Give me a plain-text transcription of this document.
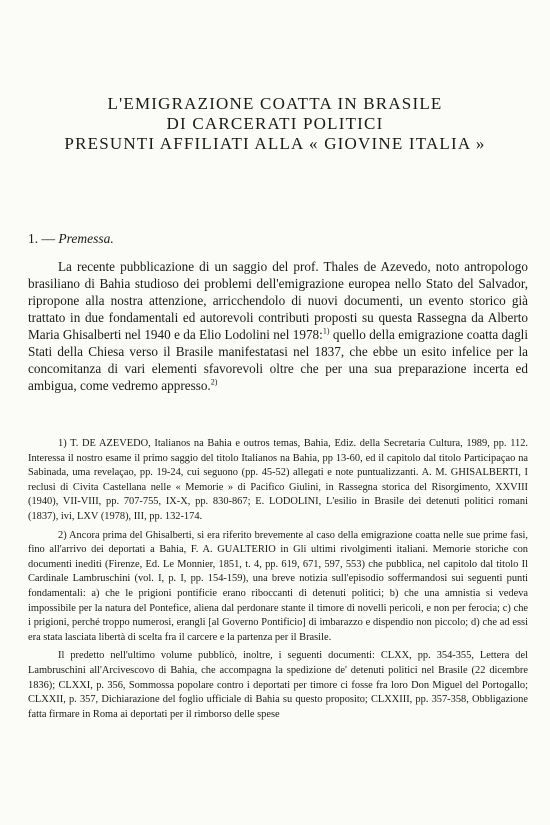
L'EMIGRAZIONE COATTA IN BRASILE
DI CARCERATI POLITICI
PRESUNTI AFFILIATI ALLA « GIOVINE ITALIA »
1. — Premessa.

La recente pubblicazione di un saggio del prof. Thales de Azevedo, noto antropologo brasiliano di Bahia studioso dei problemi dell'emigrazione europea nello Stato del Salvador, ripropone alla nostra attenzione, arricchendolo di nuovi documenti, un evento storico già trattato in due fondamentali ed autorevoli contributi proposti su questa Rassegna da Alberto Maria Ghisalberti nel 1940 e da Elio Lodolini nel 1978:$^{1)}$ quello della emigrazione coatta dagli Stati della Chiesa verso il Brasile manifestatasi nel 1837, che ebbe un esito infelice per la concomitanza di vari elementi sfavorevoli oltre che per una sua preparazione incerta ed ambigua, come vedremo appresso.$^{2)}$

1) T. DE AZEVEDO, Italianos na Bahia e outros temas, Bahia, Ediz. della Secretaria Cultura, 1989, pp. 112. Interessa il nostro esame il primo saggio del titolo Italianos na Bahia, pp 13-60, ed il capitolo dal titolo Participaçao na Sabinada, uma revelaçao, pp. 19-24, cui seguono (pp. 45-52) allegati e note puntualizzanti. A. M. GHISALBERTI, I reclusi di Civita Castellana nelle « Memorie » di Pacifico Giulini, in Rassegna storica del Risorgimento, XXVIII (1940), VII-VIII, pp. 707-755, IX-X, pp. 830-867; E. LODOLINI, L'esilio in Brasile dei detenuti politici romani (1837), ivi, LXV (1978), III, pp. 132-174.

2) Ancora prima del Ghisalberti, si era riferito brevemente al caso della emigrazione coatta nelle sue prime fasi, fino all'arrivo dei deportati a Bahia, F. A. GUALTERIO in Gli ultimi rivolgimenti italiani. Memorie storiche con documenti inediti (Firenze, Ed. Le Monnier, 1851, t. 4, pp. 619, 671, 597, 553) che pubblica, nel capitolo dal titolo Il Cardinale Lambruschini (vol. I, p. I, pp. 154-159), una breve notizia sull'episodio soffermandosi sui seguenti punti fondamentali: a) che le prigioni pontificie erano riboccanti di detenuti politici; b) che una amnistia si vedeva impossibile per la natura del Pontefice, aliena dal perdonare stante il timore di novelli pericoli, e non per ferocia; c) che i prigioni, perché troppo numerosi, erangli [al Governo Pontificio] di imbarazzo e dispendio non piccolo; d) che ad essi era stata lasciata libertà di scelta fra il carcere e la partenza per il Brasile.

Il predetto nell'ultimo volume pubblicò, inoltre, i seguenti documenti: CLXX, pp. 354-355, Lettera del Lambruschini all'Arcivescovo di Bahia, che accompagna la spedizione de' detenuti politici nel Brasile (22 dicembre 1836); CLXXI, p. 356, Sommossa popolare contro i deportati per timore ci fosse fra loro Don Miguel del Portogallo; CLXXII, p. 357, Dichiarazione del foglio ufficiale di Bahia su questo proposito; CLXXIII, pp. 357-358, Obbligazione fatta firmare in Roma ai deportati per il rimborso delle spese
